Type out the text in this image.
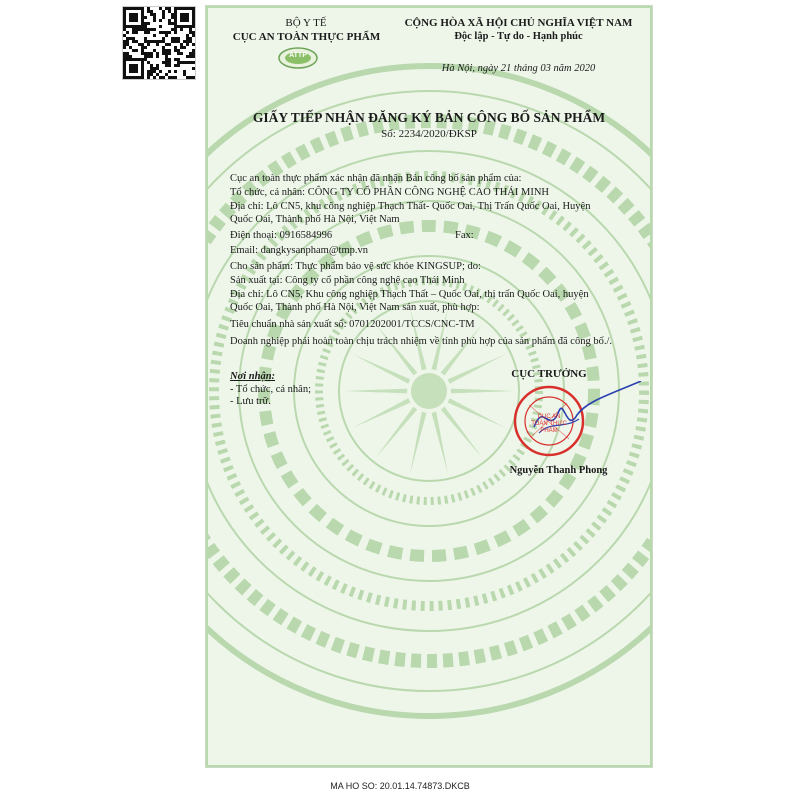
BỘ Y TẾ
CỤC AN TOÀN THỰC PHẨM
ATTP
CỘNG HÒA XÃ HỘI CHỦ NGHĨA VIỆT NAM
Độc lập - Tự do - Hạnh phúc
Hà Nội, ngày 21 tháng 03 năm 2020
GIẤY TIẾP NHẬN ĐĂNG KÝ BẢN CÔNG BỐ SẢN PHẨM
Số: 2234/2020/ĐKSP
Cục an toàn thực phẩm xác nhận đã nhận Bản công bố sản phẩm của:
Tổ chức, cá nhân: CÔNG TY CỔ PHẦN CÔNG NGHỆ CAO THÁI MINH
Địa chỉ: Lô CN5, khu công nghiệp Thạch Thất- Quốc Oai, Thị Trấn Quốc Oai, Huyện
Quốc Oai, Thành phố Hà Nội, Việt Nam
Điện thoại: 0916584996	Fax:
Email: dangkysanpham@tmp.vn
Cho sản phẩm: Thực phẩm bảo vệ sức khỏe KINGSUP; do:
Sản xuất tại: Công ty cổ phần công nghệ cao Thái Minh
Địa chỉ: Lô CN5, Khu công nghiệp Thạch Thất – Quốc Oai, thị trấn Quốc Oai, huyện
Quốc Oai, Thành phố Hà Nội, Việt Nam sản xuất, phù hợp:
Tiêu chuẩn nhà sản xuất số: 0701202001/TCCS/CNC-TM
Doanh nghiệp phải hoàn toàn chịu trách nhiệm về tính phù hợp của sản phẩm đã công bố./.
Nơi nhận:
- Tổ chức, cá nhân;
- Lưu trữ.
CỤC TRƯỞNG
CỤC AN TOÀN THỰC PHẨM
Nguyễn Thanh Phong
MA HO SO: 20.01.14.74873.DKCB
